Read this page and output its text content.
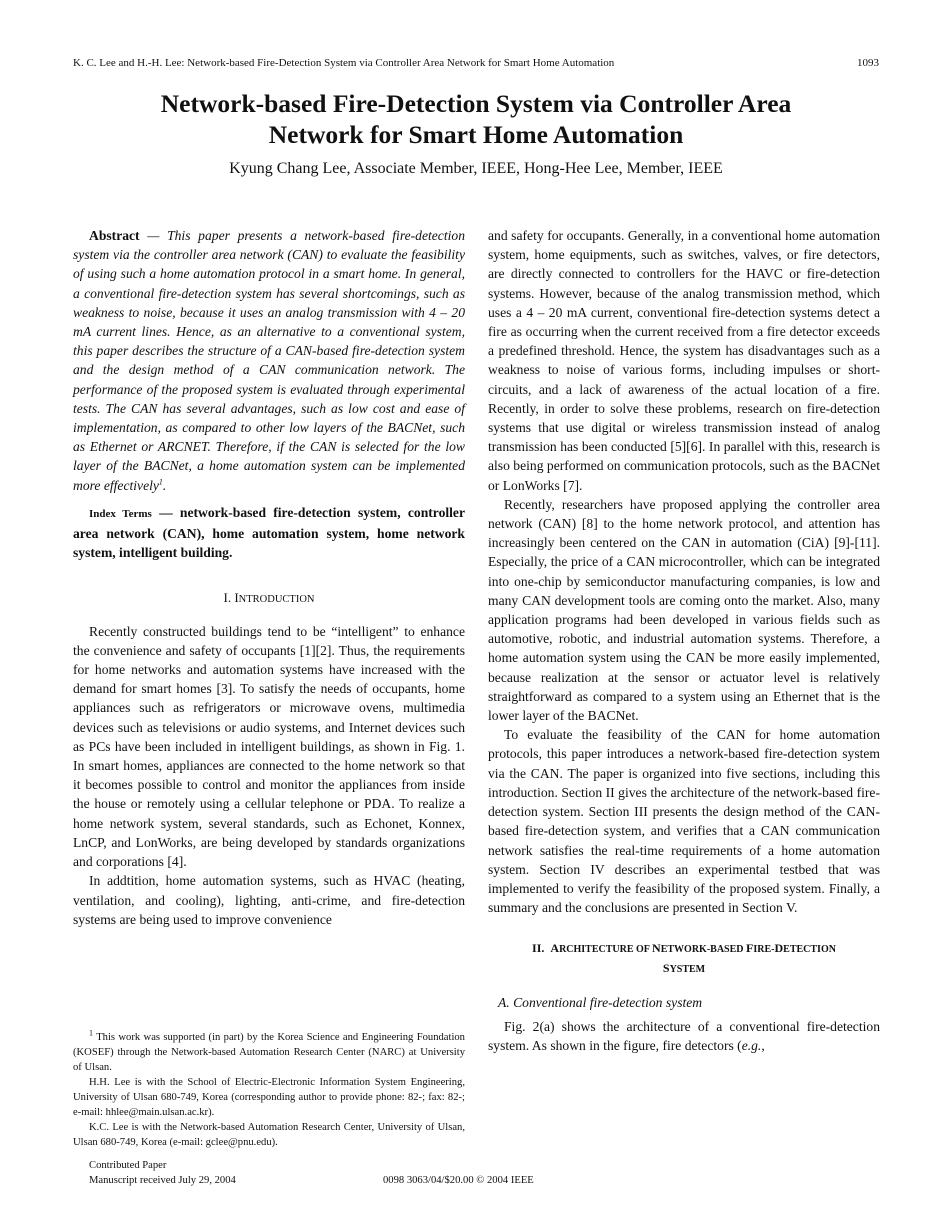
K. C. Lee and H.-H. Lee: Network-based Fire-Detection System via Controller Area Network for Smart Home Automation	1093
Network-based Fire-Detection System via Controller Area
Network for Smart Home Automation
Kyung Chang Lee, Associate Member, IEEE, Hong-Hee Lee, Member, IEEE

Abstract — This paper presents a network-based fire-detection system via the controller area network (CAN) to evaluate the feasibility of using such a home automation protocol in a smart home. In general, a conventional fire-detection system has several shortcomings, such as weakness to noise, because it uses an analog transmission with 4 – 20 mA current lines. Hence, as an alternative to a conventional system, this paper describes the structure of a CAN-based fire-detection system and the design method of a CAN communication network. The performance of the proposed system is evaluated through experimental tests. The CAN has several advantages, such as low cost and ease of implementation, as compared to other low layers of the BACNet, such as Ethernet or ARCNET. Therefore, if the CAN is selected for the low layer of the BACNet, a home automation system can be implemented more effectively$^1$.

Index Terms — network-based fire-detection system, controller area network (CAN), home automation system, home network system, intelligent building.

I. INTRODUCTION

Recently constructed buildings tend to be “intelligent” to enhance the convenience and safety of occupants [1][2]. Thus, the requirements for home networks and automation systems have increased with the demand for smart homes [3]. To satisfy the needs of occupants, home appliances such as refrigerators or microwave ovens, multimedia devices such as televisions or audio systems, and Internet devices such as PCs have been included in intelligent buildings, as shown in Fig. 1. In smart homes, appliances are connected to the home network so that it becomes possible to control and monitor the appliances from inside the house or remotely using a cellular telephone or PDA. To realize a home network system, several standards, such as Echonet, Konnex, LnCP, and LonWorks, are being developed by standards organizations and corporations [4].

In addtition, home automation systems, such as HVAC (heating, ventilation, and cooling), lighting, anti-crime, and fire-detection systems are being used to improve convenience

and safety for occupants. Generally, in a conventional home automation system, home equipments, such as switches, valves, or fire detectors, are directly connected to controllers for the HAVC or fire-detection systems. However, because of the analog transmission method, which uses a 4 – 20 mA current, conventional fire-detection systems detect a fire as occurring when the current received from a fire detector exceeds a predefined threshold. Hence, the system has disadvantages such as a weakness to noise of various forms, including impulses or short-circuits, and a lack of awareness of the actual location of a fire. Recently, in order to solve these problems, research on fire-detection systems that use digital or wireless transmission instead of analog transmission has been conducted [5][6]. In parallel with this, research is also being performed on communication protocols, such as the BACNet or LonWorks [7].

Recently, researchers have proposed applying the controller area network (CAN) [8] to the home network protocol, and attention has increasingly been centered on the CAN in automation (CiA) [9]-[11]. Especially, the price of a CAN microcontroller, which can be integrated into one-chip by semiconductor manufacturing companies, is low and many CAN development tools are coming onto the market. Also, many application programs had been developed in various fields such as automotive, robotic, and industrial automation systems. Therefore, a home automation system using the CAN be more easily implemented, because realization at the sensor or actuator level is relatively straightforward as compared to a system using an Ethernet that is the lower layer of the BACNet.

To evaluate the feasibility of the CAN for home automation protocols, this paper introduces a network-based fire-detection system via the CAN. The paper is organized into five sections, including this introduction. Section II gives the architecture of the network-based fire-detection system. Section III presents the design method of the CAN-based fire-detection system, and verifies that a CAN communication network satisfies the real-time requirements of a home automation system. Section IV describes an experimental testbed that was implemented to verify the feasibility of the proposed system. Finally, a summary and the conclusions are presented in Section V.

II. ARCHITECTURE OF NETWORK-BASED FIRE-DETECTION
SYSTEM
A. Conventional fire-detection system

Fig. 2(a) shows the architecture of a conventional fire-detection system. As shown in the figure, fire detectors (e.g.,

$^1$ This work was supported (in part) by the Korea Science and Engineering Foundation (KOSEF) through the Network-based Automation Research Center (NARC) at University of Ulsan.

H.H. Lee is with the School of Electric-Electronic Information System Engineering, University of Ulsan 680-749, Korea (corresponding author to provide phone: 82-; fax: 82-; e-mail: hhlee@main.ulsan.ac.kr).

K.C. Lee is with the Network-based Automation Research Center, University of Ulsan, Ulsan 680-749, Korea (e-mail: gclee@pnu.edu).

Contributed Paper
Manuscript received July 29, 2004	0098 3063/04/$20.00 © 2004 IEEE
